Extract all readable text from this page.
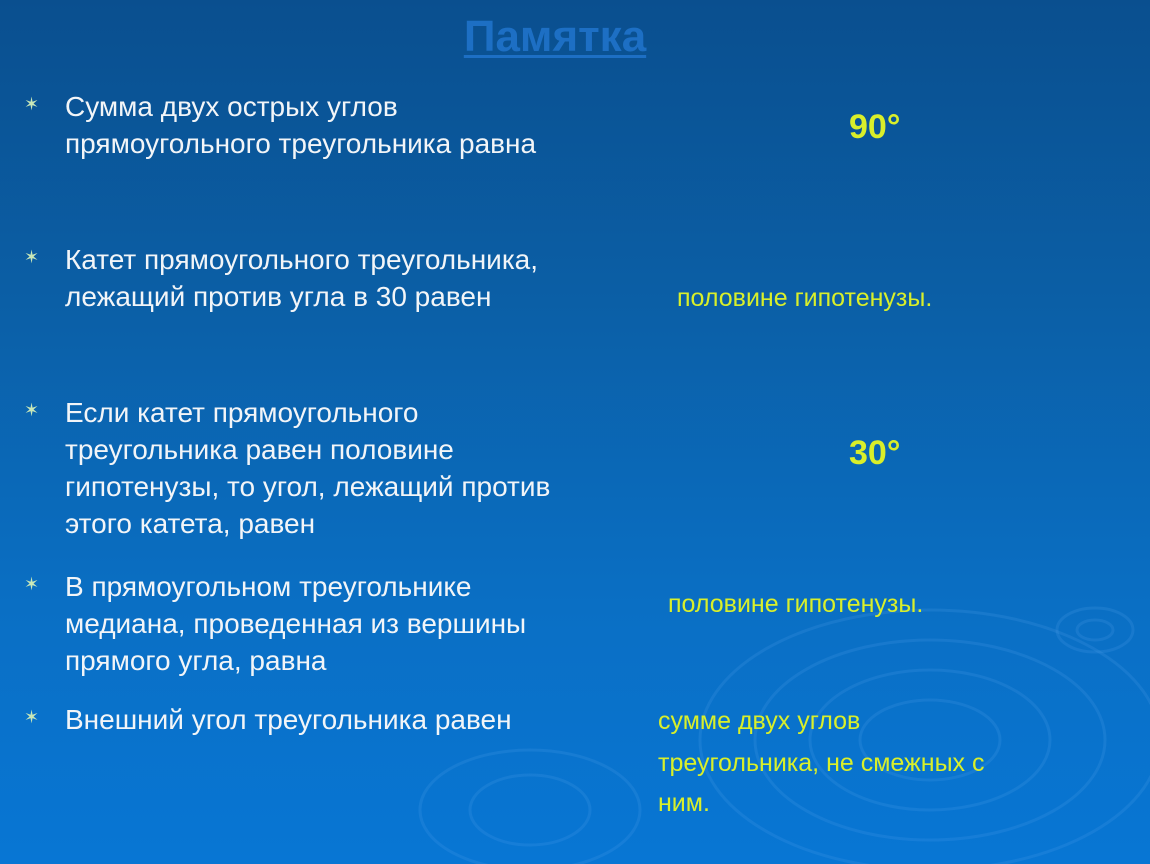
Памятка
✶ Сумма двух острых углов
прямоугольного треугольника равна	90°
✶ Катет прямоугольного треугольника,
лежащий против угла в 30 равен	половине гипотенузы.
✶ Если катет прямоугольного
треугольника равен половине
гипотенузы, то угол, лежащий против
этого катета, равен
30°
✶ В прямоугольном треугольнике
медиана, проведенная из вершины
прямого угла, равна
половине гипотенузы.
✶ Внешний угол треугольника равен	сумме двух углов
треугольника, не смежных с
ним.
